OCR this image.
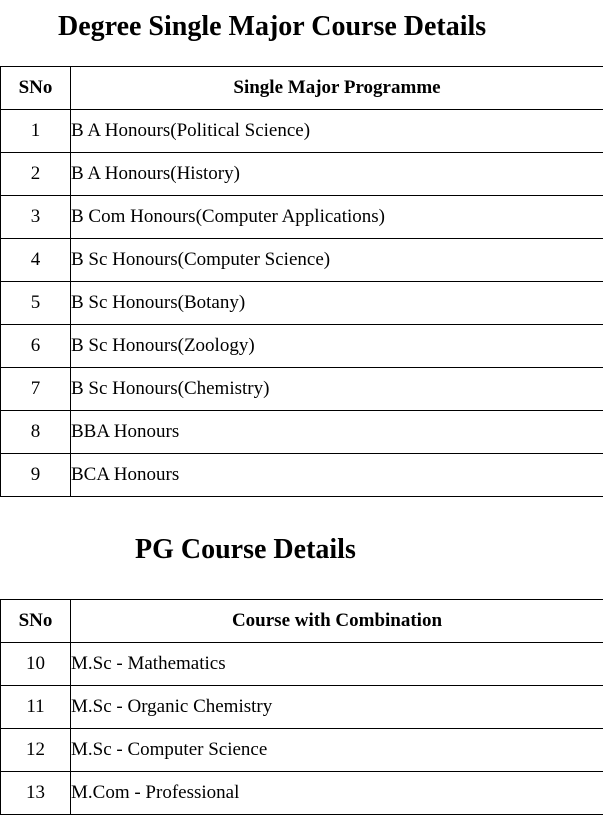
Degree Single Major Course Details
SNo	Single Major Programme
1	B A Honours(Political Science)
2	B A Honours(History)
3	B Com Honours(Computer Applications)
4	B Sc Honours(Computer Science)
5	B Sc Honours(Botany)
6	B Sc Honours(Zoology)
7	B Sc Honours(Chemistry)
8	BBA Honours
9	BCA Honours
PG Course Details
SNo	Course with Combination
10	M.Sc - Mathematics
11	M.Sc - Organic Chemistry
12	M.Sc - Computer Science
13	M.Com - Professional
